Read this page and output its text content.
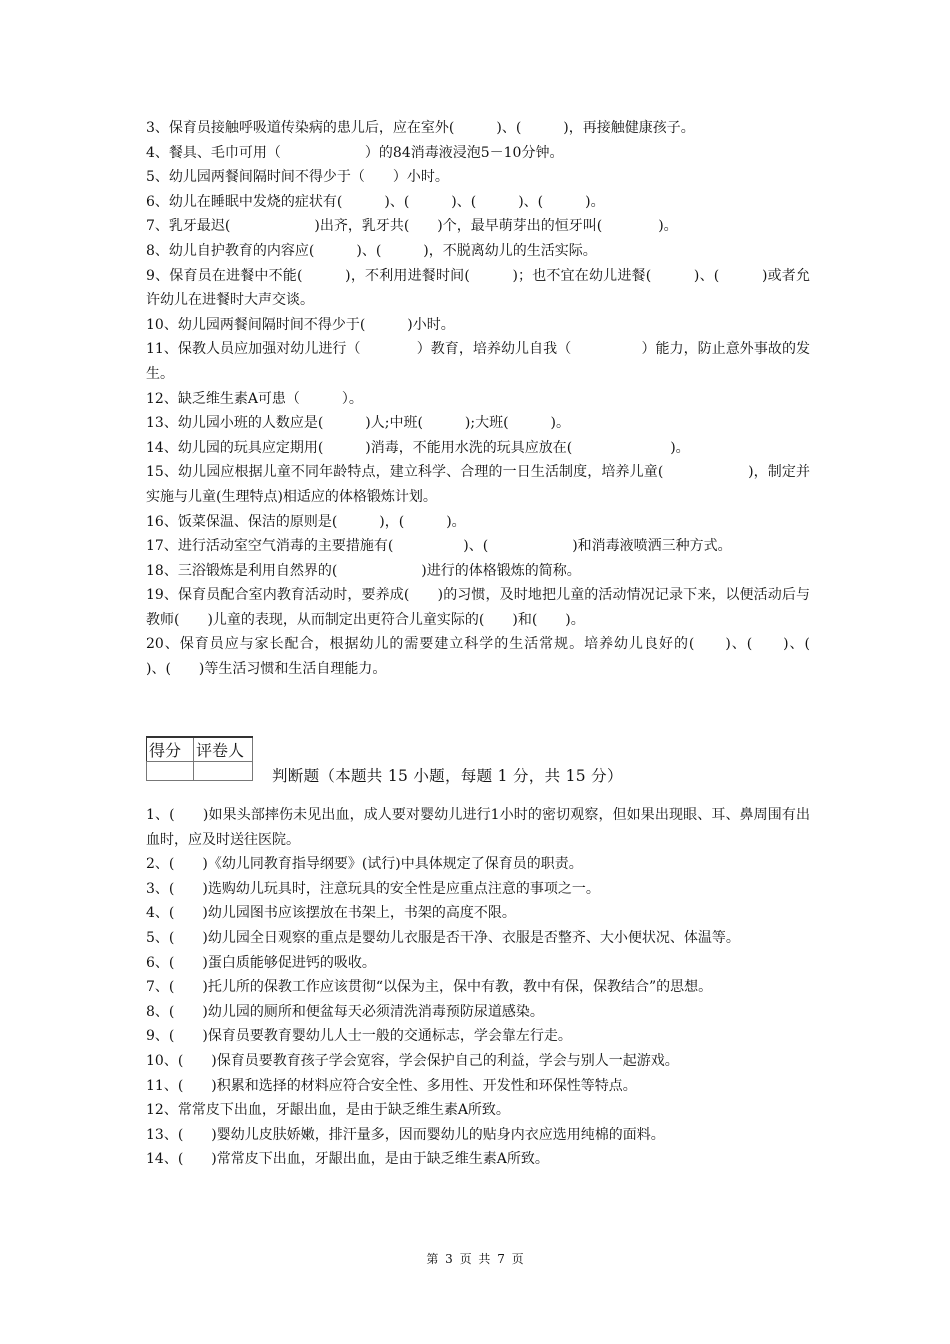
3、保育员接触呼吸道传染病的患儿后，应在室外(　　　)、(　　　)，再接触健康孩子。

4、餐具、毛巾可用（　　　　　　）的84消毒液浸泡5－10分钟。

5、幼儿园两餐间隔时间不得少于（　　）小时。

6、幼儿在睡眠中发烧的症状有(　　　)、(　　　)、(　　　)、(　　　)。

7、乳牙最迟(　　　　　　)出齐，乳牙共(　　)个，最早萌芽出的恒牙叫(　　　　)。

8、幼儿自护教育的内容应(　　　)、(　　　)，不脱离幼儿的生活实际。

9、保育员在进餐中不能(　　　)，不利用进餐时间(　　　)；也不宜在幼儿进餐(　　　)、(　　　)或者允许幼儿在进餐时大声交谈。

10、幼儿园两餐间隔时间不得少于(　　　)小时。

11、保教人员应加强对幼儿进行（　　　　）教育，培养幼儿自我（　　　　　）能力，防止意外事故的发生。

12、缺乏维生素A可患（　　　）。

13、幼儿园小班的人数应是(　　　)人;中班(　　　);大班(　　　)。

14、幼儿园的玩具应定期用(　　　)消毒，不能用水洗的玩具应放在(　　　　　　　)。

15、幼儿园应根据儿童不同年龄特点，建立科学、合理的一日生活制度，培养儿童(　　　　　　)，制定并实施与儿童(生理特点)相适应的体格锻炼计划。

16、饭菜保温、保洁的原则是(　　　)，(　　　)。

17、进行活动室空气消毒的主要措施有(　　　　　)、(　　　　　　)和消毒液喷洒三种方式。

18、三浴锻炼是利用自然界的(　　　　　　)进行的体格锻炼的简称。

19、保育员配合室内教育活动时，要养成(　　)的习惯，及时地把儿童的活动情况记录下来，以便活动后与教师(　　)儿童的表现，从而制定出更符合儿童实际的(　　)和(　　)。

20、保育员应与家长配合，根据幼儿的需要建立科学的生活常规。培养幼儿良好的(　　)、(　　)、(　　)、(　　)等生活习惯和生活自理能力。

得分	评卷人

判断题（本题共 15 小题，每题 1 分，共 15 分）

1、(　　)如果头部摔伤未见出血，成人要对婴幼儿进行1小时的密切观察，但如果出现眼、耳、鼻周围有出血时，应及时送往医院。

2、(　　)《幼儿同教育指导纲要》(试行)中具体规定了保育员的职责。

3、(　　)选购幼儿玩具时，注意玩具的安全性是应重点注意的事项之一。

4、(　　)幼儿园图书应该摆放在书架上，书架的高度不限。

5、(　　)幼儿园全日观察的重点是婴幼儿衣服是否干净、衣服是否整齐、大小便状况、体温等。

6、(　　)蛋白质能够促进钙的吸收。

7、(　　)托儿所的保教工作应该贯彻“以保为主，保中有教，教中有保，保教结合”的思想。

8、(　　)幼儿园的厕所和便盆每天必须清洗消毒预防尿道感染。

9、(　　)保育员要教育婴幼儿人士一般的交通标志，学会靠左行走。

10、(　　)保育员要教育孩子学会宽容，学会保护自己的利益，学会与别人一起游戏。

11、(　　)积累和选择的材料应符合安全性、多用性、开发性和环保性等特点。

12、常常皮下出血，牙龈出血，是由于缺乏维生素A所致。

13、(　　)婴幼儿皮肤娇嫩，排汗量多，因而婴幼儿的贴身内衣应选用纯棉的面料。

14、(　　)常常皮下出血，牙龈出血，是由于缺乏维生素A所致。

第 3 页 共 7 页
